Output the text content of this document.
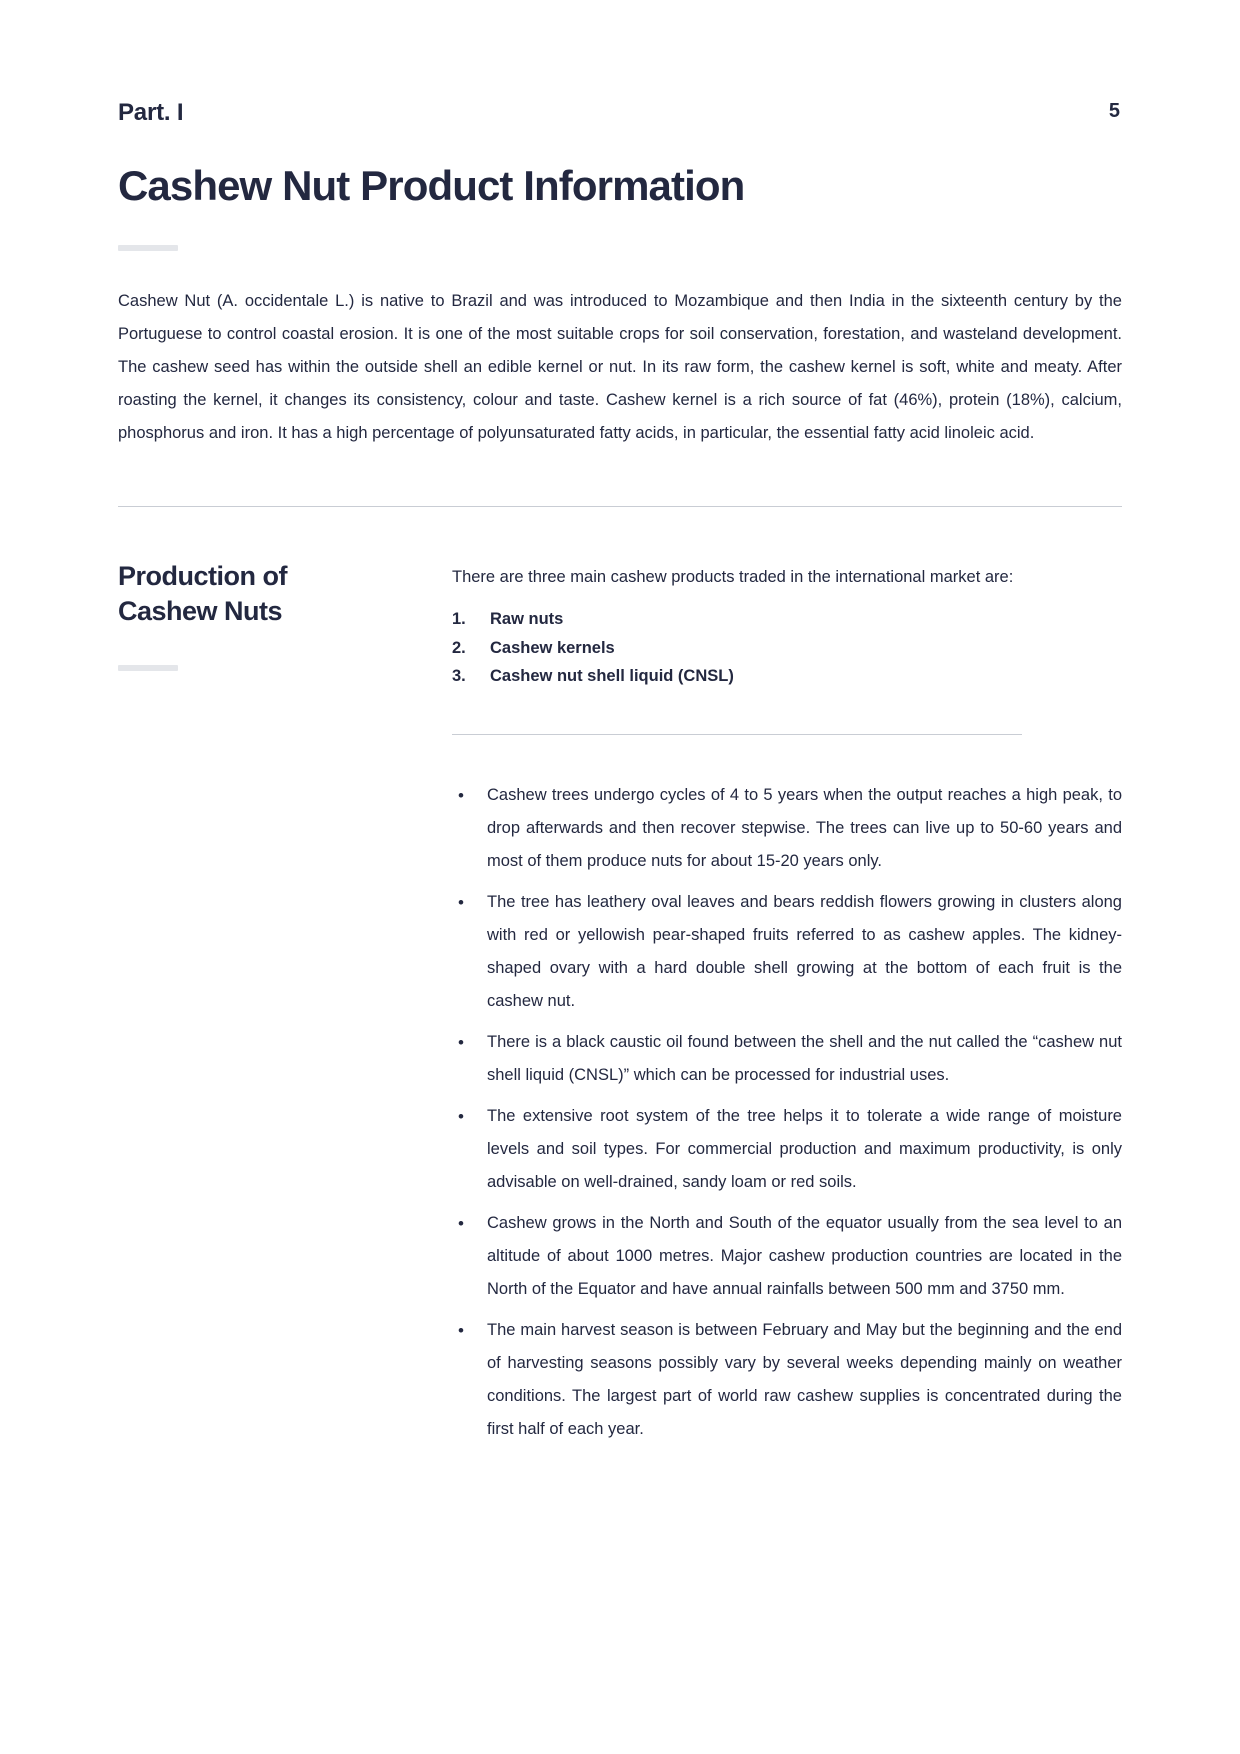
Part. I	5
Cashew Nut Product Information

Cashew Nut (A. occidentale L.) is native to Brazil and was introduced to Mozambique and then India in the sixteenth century by the Portuguese to control coastal erosion. It is one of the most suitable crops for soil conservation, forestation, and wasteland development. The cashew seed has within the outside shell an edible kernel or nut. In its raw form, the cashew kernel is soft, white and meaty. After roasting the kernel, it changes its consistency, colour and taste. Cashew kernel is a rich source of fat (46%), protein (18%), calcium, phosphorus and iron. It has a high percentage of polyunsaturated fatty acids, in particular, the essential fatty acid linoleic acid.

Production of
Cashew Nuts

There are three main cashew products traded in the international market are:

1.	Raw nuts
2.	Cashew kernels
3.	Cashew nut shell liquid (CNSL)
•	Cashew trees undergo cycles of 4 to 5 years when the output reaches a high peak, to drop afterwards and then recover stepwise. The trees can live up to 50-60 years and most of them produce nuts for about 15-20 years only.
•	The tree has leathery oval leaves and bears reddish flowers growing in clusters along with red or yellowish pear-shaped fruits referred to as cashew apples. The kidney-shaped ovary with a hard double shell growing at the bottom of each fruit is the cashew nut.
•	There is a black caustic oil found between the shell and the nut called the “cashew nut shell liquid (CNSL)” which can be processed for industrial uses.
•	The extensive root system of the tree helps it to tolerate a wide range of moisture levels and soil types. For commercial production and maximum productivity, is only advisable on well-drained, sandy loam or red soils.
•	Cashew grows in the North and South of the equator usually from the sea level to an altitude of about 1000 metres. Major cashew production countries are located in the North of the Equator and have annual rainfalls between 500 mm and 3750 mm.
•	The main harvest season is between February and May but the beginning and the end of harvesting seasons possibly vary by several weeks depending mainly on weather conditions. The largest part of world raw cashew supplies is concentrated during the first half of each year.
